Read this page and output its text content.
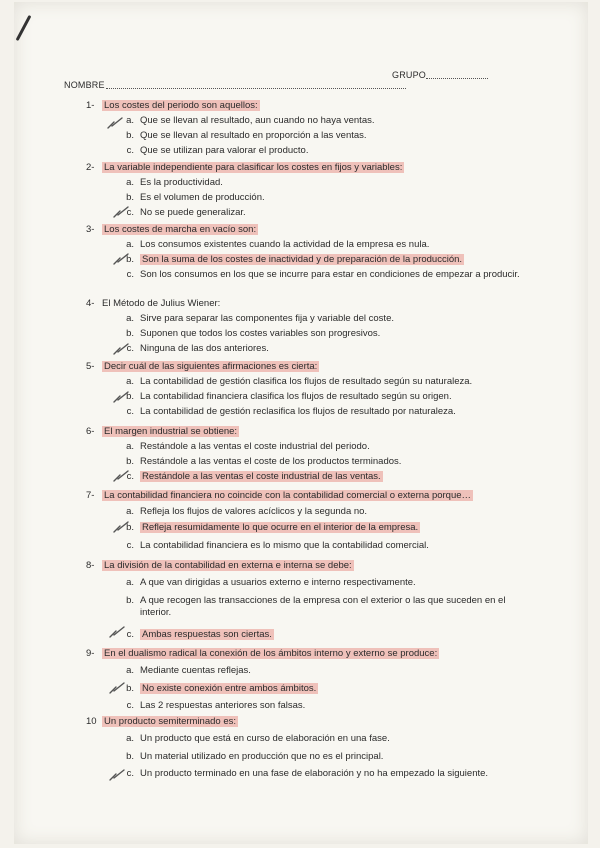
NOMBRE
GRUPO
1- Los costes del periodo son aquellos:
a. Que se llevan al resultado, aun cuando no haya ventas.
b. Que se llevan al resultado en proporción a las ventas.
c. Que se utilizan para valorar el producto.
2- La variable independiente para clasificar los costes en fijos y variables:
a. Es la productividad.
b. Es el volumen de producción.
c. No se puede generalizar.
3- Los costes de marcha en vacío son:
a. Los consumos existentes cuando la actividad de la empresa es nula.
b. Son la suma de los costes de inactividad y de preparación de la producción.
c. Son los consumos en los que se incurre para estar en condiciones de empezar a producir.
4- El Método de Julius Wiener:
a. Sirve para separar las componentes fija y variable del coste.
b. Suponen que todos los costes variables son progresivos.
c. Ninguna de las dos anteriores.
5- Decir cuál de las siguientes afirmaciones es cierta:
a. La contabilidad de gestión clasifica los flujos de resultado según su naturaleza.
b. La contabilidad financiera clasifica los flujos de resultado según su origen.
c. La contabilidad de gestión reclasifica los flujos de resultado por naturaleza.
6- El margen industrial se obtiene:
a. Restándole a las ventas el coste industrial del periodo.
b. Restándole a las ventas el coste de los productos terminados.
c. Restándole a las ventas el coste industrial de las ventas.
7- La contabilidad financiera no coincide con la contabilidad comercial o externa porque…
a. Refleja los flujos de valores acíclicos y la segunda no.
b. Refleja resumidamente lo que ocurre en el interior de la empresa.
c. La contabilidad financiera es lo mismo que la contabilidad comercial.
8- La división de la contabilidad en externa e interna se debe:
a. A que van dirigidas a usuarios externo e interno respectivamente.
b. A que recogen las transacciones de la empresa con el exterior o las que suceden en el interior.
c. Ambas respuestas son ciertas.
9- En el dualismo radical la conexión de los ámbitos interno y externo se produce:
a. Mediante cuentas reflejas.
b. No existe conexión entre ambos ámbitos.
c. Las 2 respuestas anteriores son falsas.
10 Un producto semiterminado es:
a. Un producto que está en curso de elaboración en una fase.
b. Un material utilizado en producción que no es el principal.
c. Un producto terminado en una fase de elaboración y no ha empezado la siguiente.
